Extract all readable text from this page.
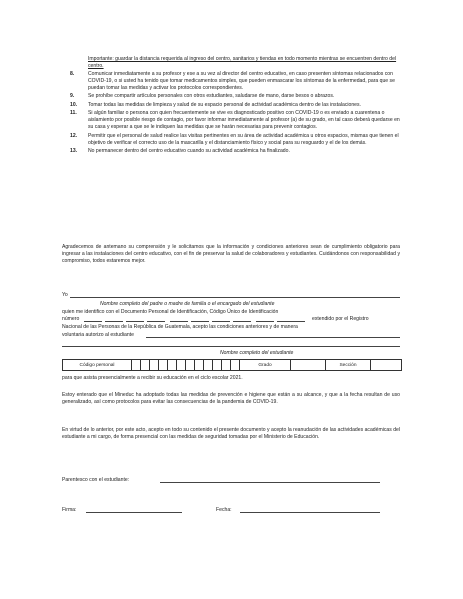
Importante: guardar la distancia requerida al ingreso del centro, sanitarios y tiendas en todo momento mientras se encuentren dentro del centro.
8.	Comunicar inmediatamente a su profesor y ese a su vez al director del centro educativo, en caso presenten síntomas relacionados con COVID-19, o si usted ha tenido que tomar medicamentos simples, que pueden enmascarar los síntomas de la enfermedad, para que se puedan tomar las medidas y activar los protocolos correspondientes.
9.	Se prohíbe compartir artículos personales con otros estudiantes, saludarse de mano, darse besos o abrazos.
10. Tomar todas las medidas de limpieza y salud de su espacio personal de actividad académica dentro de las instalaciones.
11. Si algún familiar o persona con quien frecuentemente se vive es diagnosticado positivo con COVID-19 o es enviado a cuarentena o aislamiento por posible riesgo de contagio, por favor informar inmediatamente al profesor (a) de su grado, en tal caso deberá quedarse en su casa y esperar a que se le indiquen las medidas que se harán necesarias para prevenir contagios.
12. Permitir que el personal de salud realice las visitas pertinentes en su área de actividad académica u otros espacios, mismas que tienen el objetivo de verificar el correcto uso de la mascarilla y el distanciamiento físico y social para su resguardo y el de los demás.
13. No permanecer dentro del centro educativo cuando su actividad académica ha finalizado.
Agradecemos de antemano su comprensión y le solicitamos que la información y condiciones anteriores sean de cumplimiento obligatorio para ingresar a las instalaciones del centro educativo, con el fin de preservar la salud de colaboradores y estudiantes. Cuidándonos con responsabilidad y compromiso, todos estaremos mejor.
Yo
Nombre completo del padre o madre de familia o el encargado del estudiante
quien me identifico con el Documento Personal de Identificación, Código Único de Identificación
número	extendido por el Registro
Nacional de las Personas de la República de Guatemala, acepto las condiciones anteriores y de manera
voluntaria autorizo al estudiante
Nombre completo del estudiante
Código personal													Grado		Sección	
para que asista presencialmente a recibir su educación en el ciclo escolar 2021.
Estoy enterado que el Mineduc ha adoptado todas las medidas de prevención e higiene que están a su alcance, y que a la fecha resultan de uso generalizado, así como protocolos para evitar las consecuencias de la pandemia de COVID-19.
En virtud de lo anterior, por este acto, acepto en todo su contenido el presente documento y acepto la reanudación de las actividades académicas del estudiante a mi cargo, de forma presencial con las medidas de seguridad tomadas por el Ministerio de Educación.
Parentesco con el estudiante:
Firma:	Fecha:
